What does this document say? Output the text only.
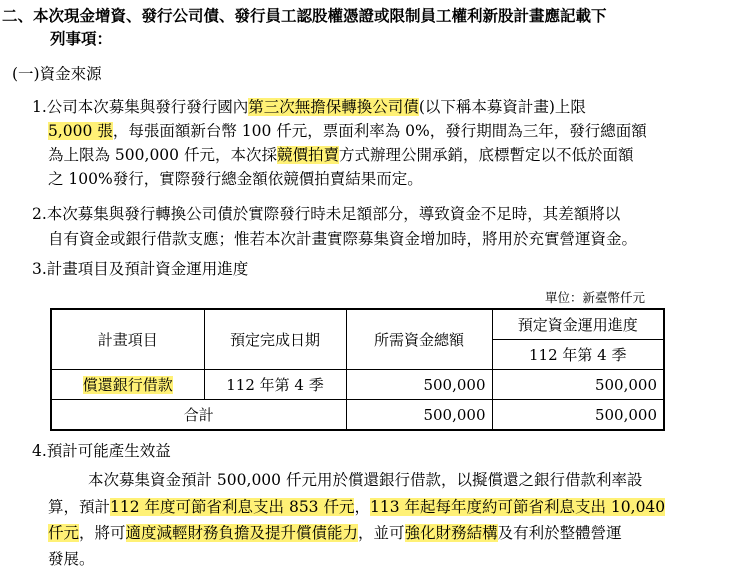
二、本次現金增資、發行公司債、發行員工認股權憑證或限制員工權利新股計畫應記載下
列事項：
(一)資金來源
1.公司本次募集與發行發行國內第三次無擔保轉換公司債(以下稱本募資計畫)上限
5,000 張，每張面額新台幣 100 仟元，票面利率為 0%，發行期間為三年，發行總面額
為上限為 500,000 仟元，本次採競價拍賣方式辦理公開承銷，底標暫定以不低於面額
之 100%發行，實際發行總金額依競價拍賣結果而定。
2.本次募集與發行轉換公司債於實際發行時未足額部分，導致資金不足時，其差額將以
自有資金或銀行借款支應；惟若本次計畫實際募集資金增加時，將用於充實營運資金。
3.計畫項目及預計資金運用進度
單位：新臺幣仟元
計畫項目	預定完成日期	所需資金總額	預定資金運用進度
			112 年第 4 季
償還銀行借款	112 年第 4 季	500,000	500,000
合計		500,000	500,000
4.預計可能產生效益
本次募集資金預計 500,000 仟元用於償還銀行借款，以擬償還之銀行借款利率設
算，預計112 年度可節省利息支出 853 仟元，113 年起每年度約可節省利息支出 10,040
仟元，將可適度減輕財務負擔及提升償債能力，並可強化財務結構及有利於整體營運
發展。
